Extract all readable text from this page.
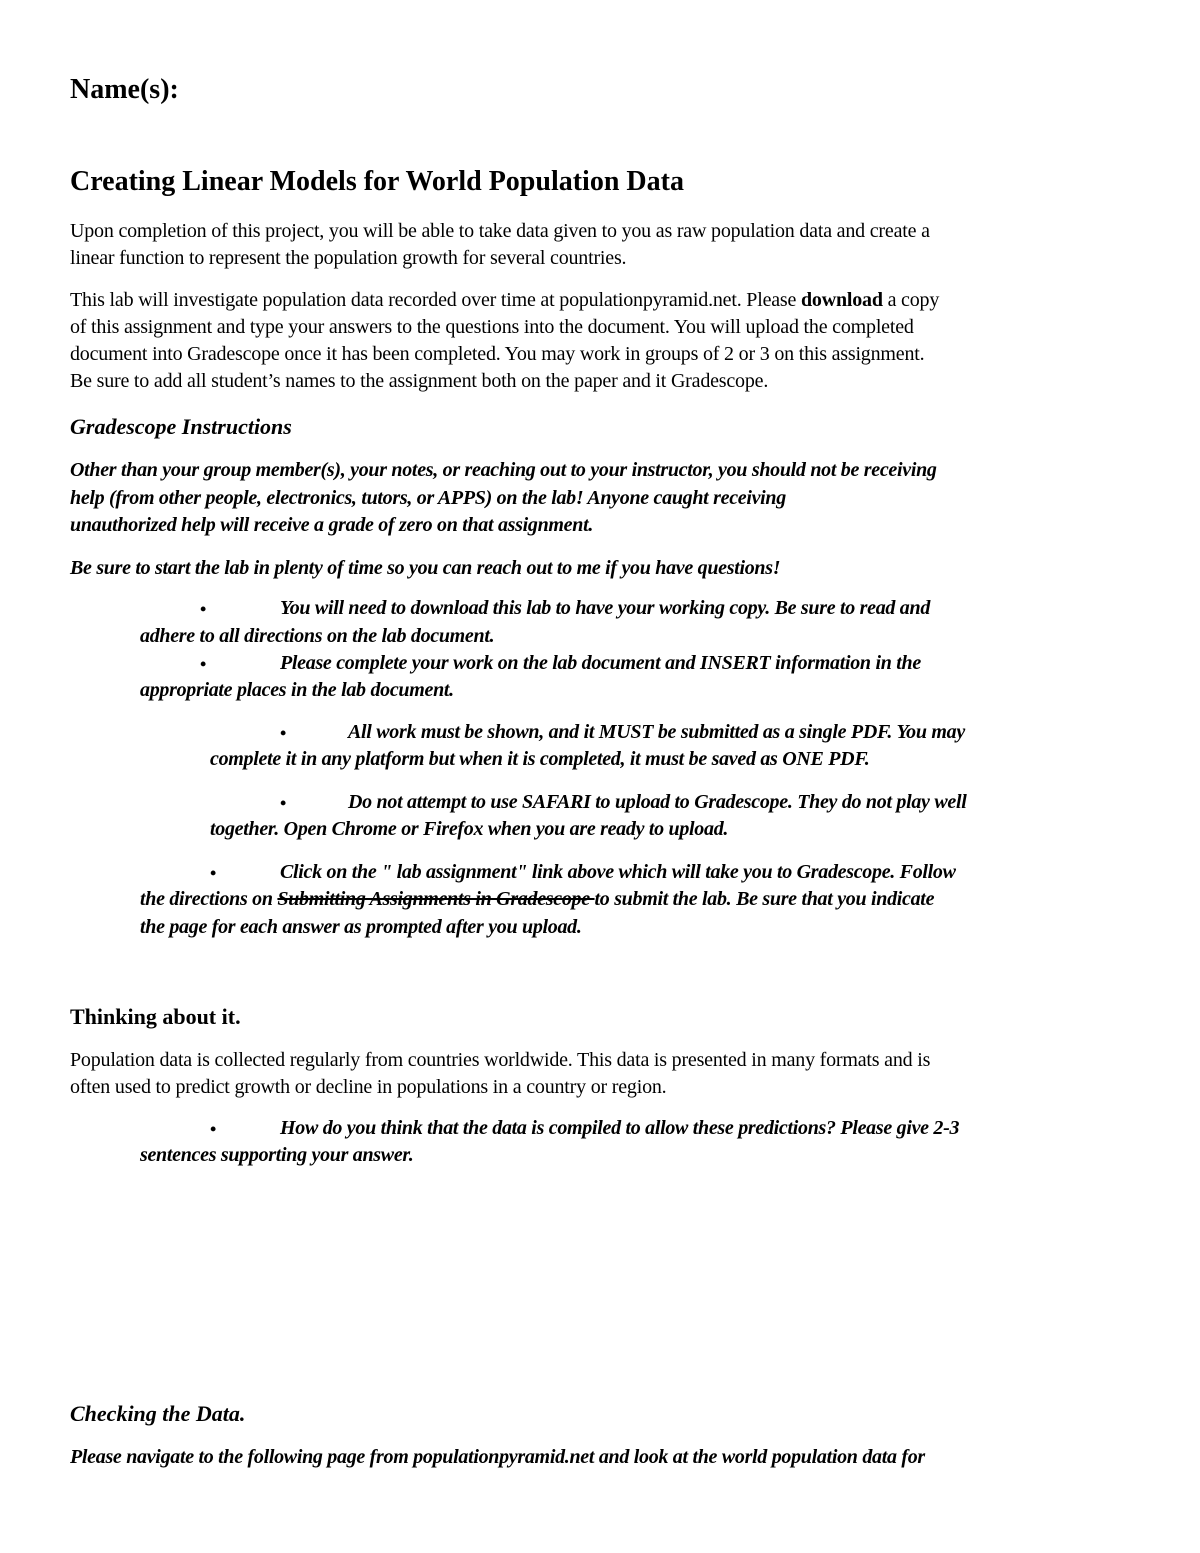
Name(s):

Creating Linear Models for World Population Data

Upon completion of this project, you will be able to take data given to you as raw population data and create a

linear function to represent the population growth for several countries.

This lab will investigate population data recorded over time at populationpyramid.net. Please download a copy

of this assignment and type your answers to the questions into the document. You will upload the completed

document into Gradescope once it has been completed. You may work in groups of 2 or 3 on this assignment.

Be sure to add all student’s names to the assignment both on the paper and it Gradescope.

Gradescope Instructions

Other than your group member(s), your notes, or reaching out to your instructor, you should not be receiving

help (from other people, electronics, tutors, or APPS) on the lab! Anyone caught receiving

unauthorized help will receive a grade of zero on that assignment.

Be sure to start the lab in plenty of time so you can reach out to me if you have questions!

•	You will need to download this lab to have your working copy. Be sure to read and
adhere to all directions on the lab document.
•	Please complete your work on the lab document and INSERT information in the
appropriate places in the lab document.
•	All work must be shown, and it MUST be submitted as a single PDF. You may
complete it in any platform but when it is completed, it must be saved as ONE PDF.
•	Do not attempt to use SAFARI to upload to Gradescope. They do not play well
together. Open Chrome or Firefox when you are ready to upload.
•	Click on the " lab assignment" link above which will take you to Gradescope. Follow
the directions on Submitting Assignments in Gradescope to submit the lab. Be sure that you indicate
the page for each answer as prompted after you upload.

Thinking about it.

Population data is collected regularly from countries worldwide. This data is presented in many formats and is

often used to predict growth or decline in populations in a country or region.

•	How do you think that the data is compiled to allow these predictions? Please give 2-3
sentences supporting your answer.

Checking the Data.

Please navigate to the following page from populationpyramid.net and look at the world population data for
